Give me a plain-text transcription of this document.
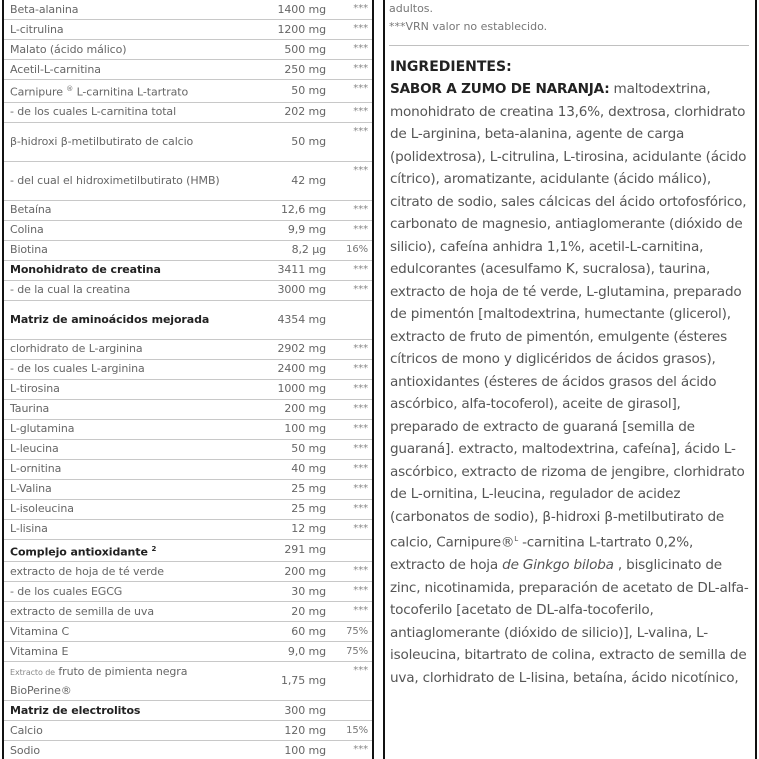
Beta-alanina	1400 mg	***
L-citrulina	1200 mg	***
Malato (ácido málico)	500 mg	***
Acetil-L-carnitina	250 mg	***
Carnipure ® L-carnitina L-tartrato	50 mg	***
- de los cuales L-carnitina total	202 mg	***
β-hidroxi β-metilbutirato de calcio	50 mg	***
- del cual el hidroximetilbutirato (HMB)	42 mg	***
Betaína	12,6 mg	***
Colina	9,9 mg	***
Biotina	8,2 µg	16%
Monohidrato de creatina	3411 mg	***
- de la cual la creatina	3000 mg	***
Matriz de aminoácidos mejorada	4354 mg	
clorhidrato de L-arginina	2902 mg	***
- de los cuales L-arginina	2400 mg	***
L-tirosina	1000 mg	***
Taurina	200 mg	***
L-glutamina	100 mg	***
L-leucina	50 mg	***
L-ornitina	40 mg	***
L-Valina	25 mg	***
L-isoleucina	25 mg	***
L-lisina	12 mg	***
Complejo antioxidante $^2$	291 mg	
extracto de hoja de té verde	200 mg	***
- de los cuales EGCG	30 mg	***
extracto de semilla de uva	20 mg	***
Vitamina C	60 mg	75%
Vitamina E	9,0 mg	75%
Extracto de fruto de pimienta negra BioPerine®	1,75 mg	***
Matriz de electrolitos	300 mg	
Calcio	120 mg	15%
Sodio	100 mg	***
adultos.
***VRN valor no establecido.
INGREDIENTES:
SABOR A ZUMO DE NARANJA: maltodextrina, monohidrato de creatina 13,6%, dextrosa, clorhidrato de L-arginina, beta-alanina, agente de carga (polidextrosa), L-citrulina, L-tirosina, acidulante (ácido cítrico), aromatizante, acidulante (ácido málico), citrato de sodio, sales cálcicas del ácido ortofosfórico, carbonato de magnesio, antiaglomerante (dióxido de silicio), cafeína anhidra 1,1%, acetil-L-carnitina, edulcorantes (acesulfamo K, sucralosa), taurina, extracto de hoja de té verde, L-glutamina, preparado de pimentón [maltodextrina, humectante (glicerol), extracto de fruto de pimentón, emulgente (ésteres cítricos de mono y diglicéridos de ácidos grasos), antioxidantes (ésteres de ácidos grasos del ácido ascórbico, alfa-tocoferol), aceite de girasol], preparado de extracto de guaraná [semilla de guaraná]. extracto, maltodextrina, cafeína], ácido L-ascórbico, extracto de rizoma de jengibre, clorhidrato de L-ornitina, L-leucina, regulador de acidez (carbonatos de sodio), β-hidroxi β-metilbutirato de calcio, Carnipure®$^L$ -carnitina L-tartrato 0,2%, extracto de hoja de Ginkgo biloba , bisglicinato de zinc, nicotinamida, preparación de acetato de DL-alfa-tocoferilo [acetato de DL-alfa-tocoferilo, antiaglomerante (dióxido de silicio)], L-valina, L-isoleucina, bitartrato de colina, extracto de semilla de uva, clorhidrato de L-lisina, betaína, ácido nicotínico,
